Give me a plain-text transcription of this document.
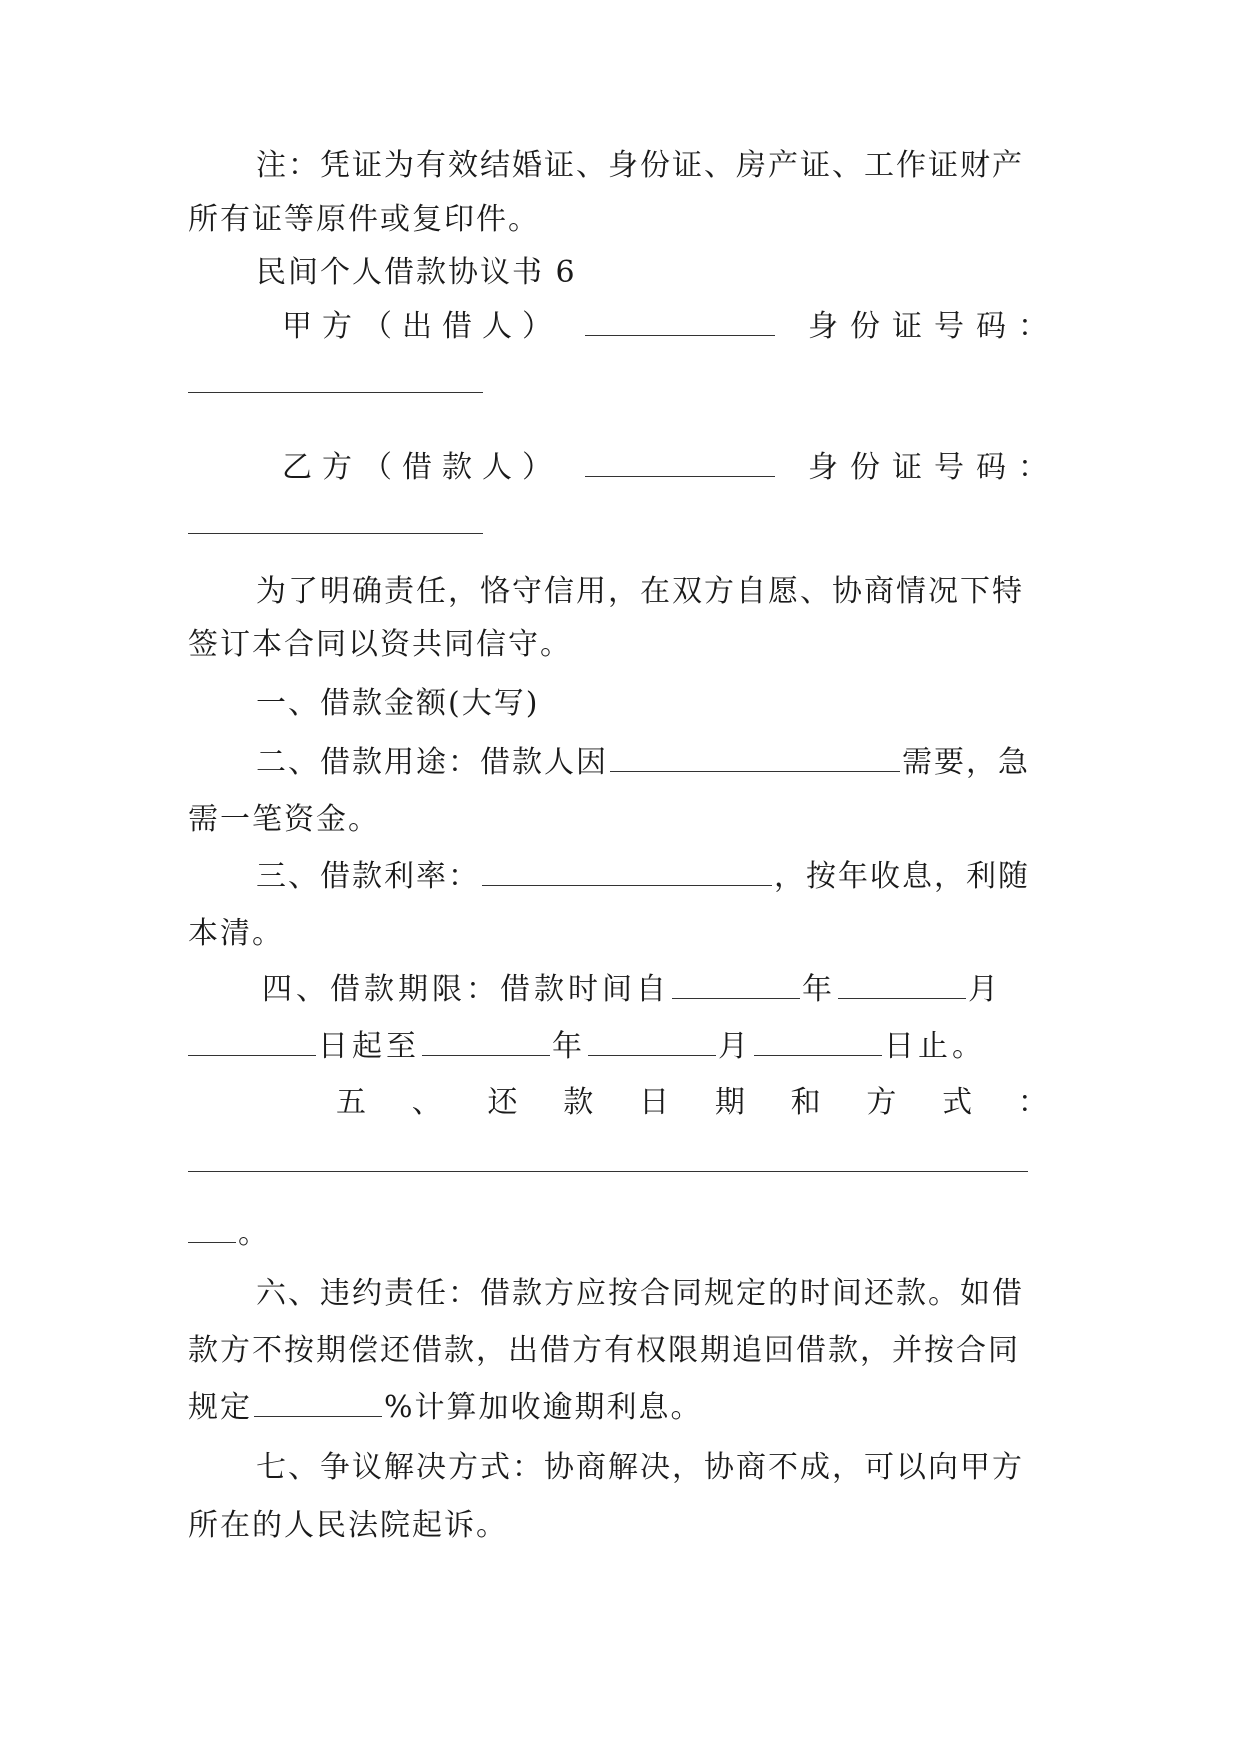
注：凭证为有效结婚证、身份证、房产证、工作证财产
所有证等原件或复印件。
民间个人借款协议书 6
甲 方 （ 出 借 人 ）	身 份 证 号 码 ：
乙 方 （ 借 款 人 ）	身 份 证 号 码 ：
为了明确责任，恪守信用，在双方自愿、协商情况下特
签订本合同以资共同信守。
一、借款金额(大写)
二、借款用途：借款人因	需要，急
需一笔资金。
三、借款利率：	，按年收息，利随
本清。
四、借款期限：借款时间自	年	月
日起至	年	月	日止。
五 、 还 款 日 期 和 方 式 ：
。
六、违约责任：借款方应按合同规定的时间还款。如借
款方不按期偿还借款，出借方有权限期追回借款，并按合同
规定	%计算加收逾期利息。
七、争议解决方式：协商解决，协商不成，可以向甲方
所在的人民法院起诉。
